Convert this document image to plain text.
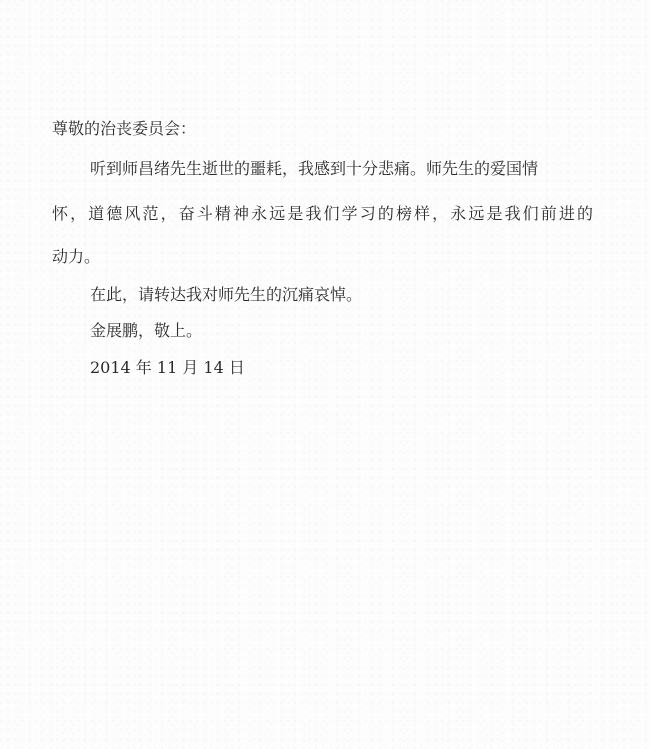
尊敬的治丧委员会：
听到师昌绪先生逝世的噩耗，我感到十分悲痛。师先生的爱国情
怀，道德风范，奋斗精神永远是我们学习的榜样，永远是我们前进的
动力。
在此，请转达我对师先生的沉痛哀悼。
金展鹏，敬上。
2014 年 11 月 14 日
